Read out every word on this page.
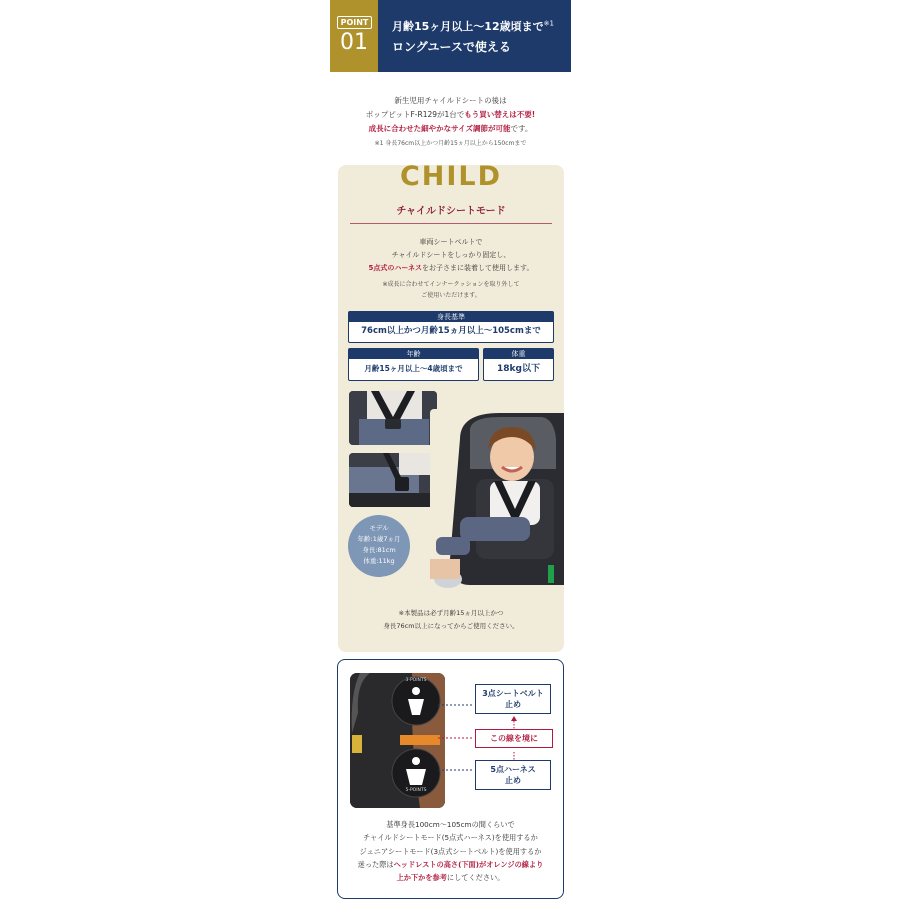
POINT
01
月齢15ヶ月以上〜12歳頃まで$^{※1}$
ロングユースで使える
新生児用チャイルドシートの後は
ポップピットF-R129が1台でもう買い替えは不要!
成長に合わせた細やかなサイズ調節が可能です。
※1 身長76cm以上かつ月齢15ヵ月以上から150cmまで
CHILD
チャイルドシートモード
車両シートベルトで
チャイルドシートをしっかり固定し、
5点式のハーネスをお子さまに装着して使用します。
※成長に合わせてインナークッションを取り外して
ご使用いただけます。
身長基準
76cm以上かつ月齢15ヵ月以上〜105cmまで
年齢
月齢15ヶ月以上〜4歳頃まで
体重
18kg以下
モデル
年齢:1歳7ヵ月
身長:81cm
体重:11kg
※本製品は必ず月齢15ヵ月以上かつ
身長76cm以上になってからご使用ください。
3-POINTS
5-POINTS
3点シートベルト
止め
この線を境に
5点ハーネス
止め
基準身長100cm〜105cmの間くらいで
チャイルドシートモード(5点式ハーネス)を使用するか
ジュニアシートモード(3点式シートベルト)を使用するか
迷った際はヘッドレストの高さ(下面)がオレンジの線より
上か下かを参考にしてください。
